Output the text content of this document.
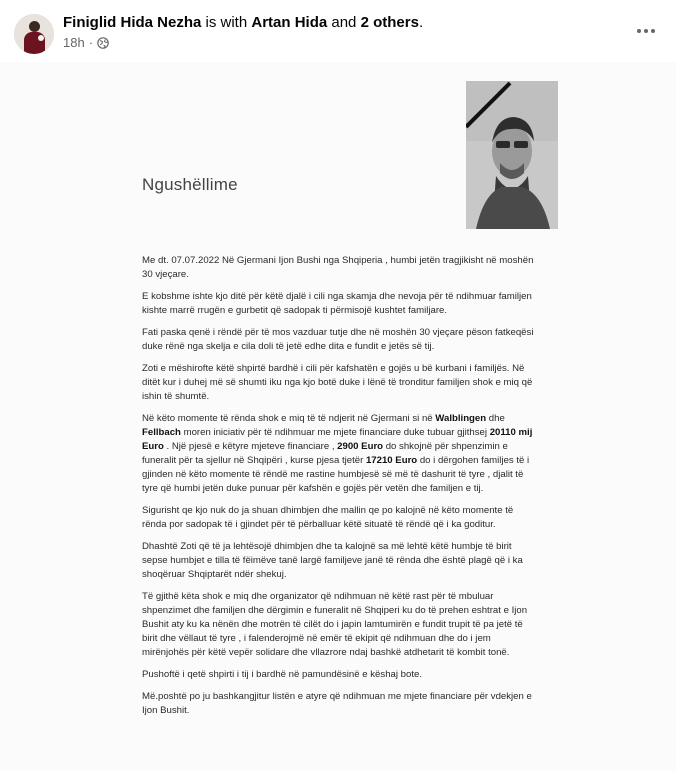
Finiglid Hida Nezha is with Artan Hida and 2 others.
18h ·
Ngushëllime

Me dt. 07.07.2022 Në Gjermani Ijon Bushi nga Shqiperia , humbi jetën tragjikisht në moshën 30 vjeçare.

E kobshme ishte kjo ditë për këtë djalë i cili nga skamja dhe nevoja për të ndihmuar familjen kishte marrë rrugën e gurbetit që sadopak ti përmisojë kushtet familjare.

Fati paska qenë i rëndë për të mos vazduar tutje dhe në moshën 30 vjeçare pëson fatkeqësi duke rënë nga skelja e cila doli të jetë edhe dita e fundit e jetës së tij.

Zoti e mëshirofte këtë shpirtë bardhë i cili për kafshatën e gojës u bë kurbani i familjës. Në ditët kur i duhej më së shumti iku nga kjo botë duke i lënë të tronditur familjen shok e miq që ishin të shumtë.

Në këto momente të rënda shok e miq të të ndjerit në Gjermani si në Walblingen dhe Fellbach moren iniciativ për të ndihmuar me mjete financiare duke tubuar gjithsej 20110 mij Euro . Një pjesë e këtyre mjeteve financiare , 2900 Euro do shkojnë për shpenzimin e funeralit për ta sjellur në Shqipëri , kurse pjesa tjetër 17210 Euro do i dërgohen familjes të i gjinden në këto momente të rëndë me rastine humbjesë së më të dashurit të tyre , djalit të tyre që humbi jetën duke punuar për kafshën e gojës për vetën dhe familjen e tij.

Sigurisht qe kjo nuk do ja shuan dhimbjen dhe mallin qe po kalojnë në këto momente të rënda por sadopak të i gjindet për të përballuar këtë situatë të rëndë që i ka goditur.

Dhashtë Zoti që të ja lehtësojë dhimbjen dhe ta kalojnë sa më lehtë këtë humbje të birit sepse humbjet e tilla të fëimëve tanë largë familjeve janë të rënda dhe është plagë që i ka shoqëruar Shqiptarët ndër shekuj.

Të gjithë këta shok e miq dhe organizator që ndihmuan në këtë rast për të mbuluar shpenzimet dhe familjen dhe dërgimin e funeralit në Shqiperi ku do të prehen eshtrat e Ijon Bushit aty ku ka nënën dhe motrën të cilët do i japin lamtumirën e fundit trupit të pa jetë të birit dhe vëllaut të tyre , i falenderojmë në emër të ekipit që ndihmuan dhe do i jem mirënjohës për këtë vepër solidare dhe vllazrore ndaj bashkë atdhetarit të kombit tonë.

Pushoftë i qetë shpirti i tij i bardhë në pamundësinë e këshaj bote.

Më.poshtë po ju bashkangjitur listën e atyre që ndihmuan me mjete financiare për vdekjen e Ijon Bushit.
